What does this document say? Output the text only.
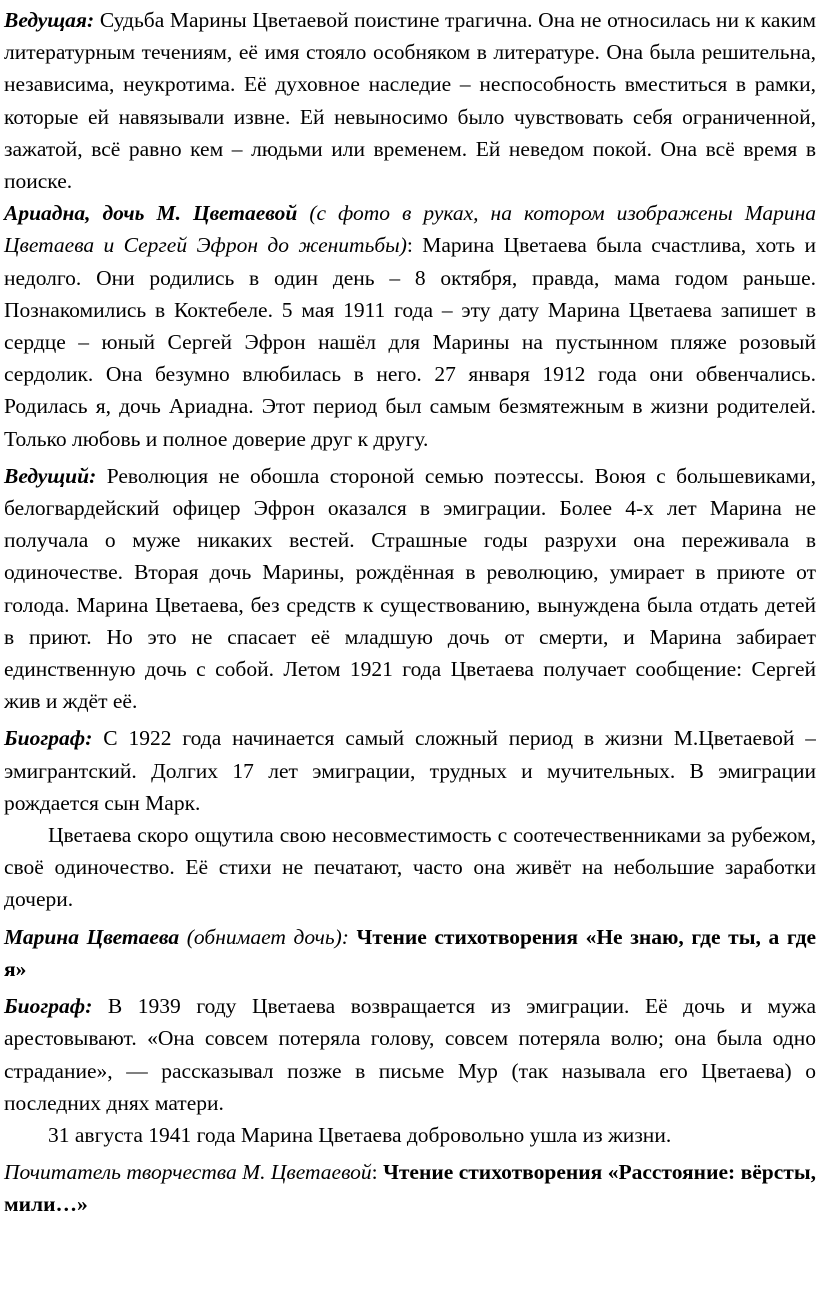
Ведущая: Судьба Марины Цветаевой поистине трагична. Она не относилась ни к каким литературным течениям, её имя стояло особняком в литературе. Она была решительна, независима, неукротима. Её духовное наследие – неспособность вместиться в рамки, которые ей навязывали извне. Ей невыносимо было чувствовать себя ограниченной, зажатой, всё равно кем – людьми или временем. Ей неведом покой. Она всё время в поиске.

Ариадна, дочь М. Цветаевой (с фото в руках, на котором изображены Марина Цветаева и Сергей Эфрон до женитьбы): Марина Цветаева была счастлива, хоть и недолго. Они родились в один день – 8 октября, правда, мама годом раньше. Познакомились в Коктебеле. 5 мая 1911 года – эту дату Марина Цветаева запишет в сердце – юный Сергей Эфрон нашёл для Марины на пустынном пляже розовый сердолик. Она безумно влюбилась в него. 27 января 1912 года они обвенчались. Родилась я, дочь Ариадна. Этот период был самым безмятежным в жизни родителей. Только любовь и полное доверие друг к другу.

Ведущий: Революция не обошла стороной семью поэтессы. Воюя с большевиками, белогвардейский офицер Эфрон оказался в эмиграции. Более 4-х лет Марина не получала о муже никаких вестей. Страшные годы разрухи она переживала в одиночестве. Вторая дочь Марины, рождённая в революцию, умирает в приюте от голода. Марина Цветаева, без средств к существованию, вынуждена была отдать детей в приют. Но это не спасает её младшую дочь от смерти, и Марина забирает единственную дочь с собой. Летом 1921 года Цветаева получает сообщение: Сергей жив и ждёт её.

Биограф: С 1922 года начинается самый сложный период в жизни М.Цветаевой – эмигрантский. Долгих 17 лет эмиграции, трудных и мучительных. В эмиграции рождается сын Марк.

Цветаева скоро ощутила свою несовместимость с соотечественниками за рубежом, своё одиночество. Её стихи не печатают, часто она живёт на небольшие заработки дочери.

Марина Цветаева (обнимает дочь): Чтение стихотворения «Не знаю, где ты, а где я»

Биограф: В 1939 году Цветаева возвращается из эмиграции. Её дочь и мужа арестовывают. «Она совсем потеряла голову, совсем потеряла волю; она была одно страдание», — рассказывал позже в письме Мур (так называла его Цветаева) о последних днях матери.

31 августа 1941 года Марина Цветаева добровольно ушла из жизни.

Почитатель творчества М. Цветаевой: Чтение стихотворения «Расстояние: вёрсты, мили…»
